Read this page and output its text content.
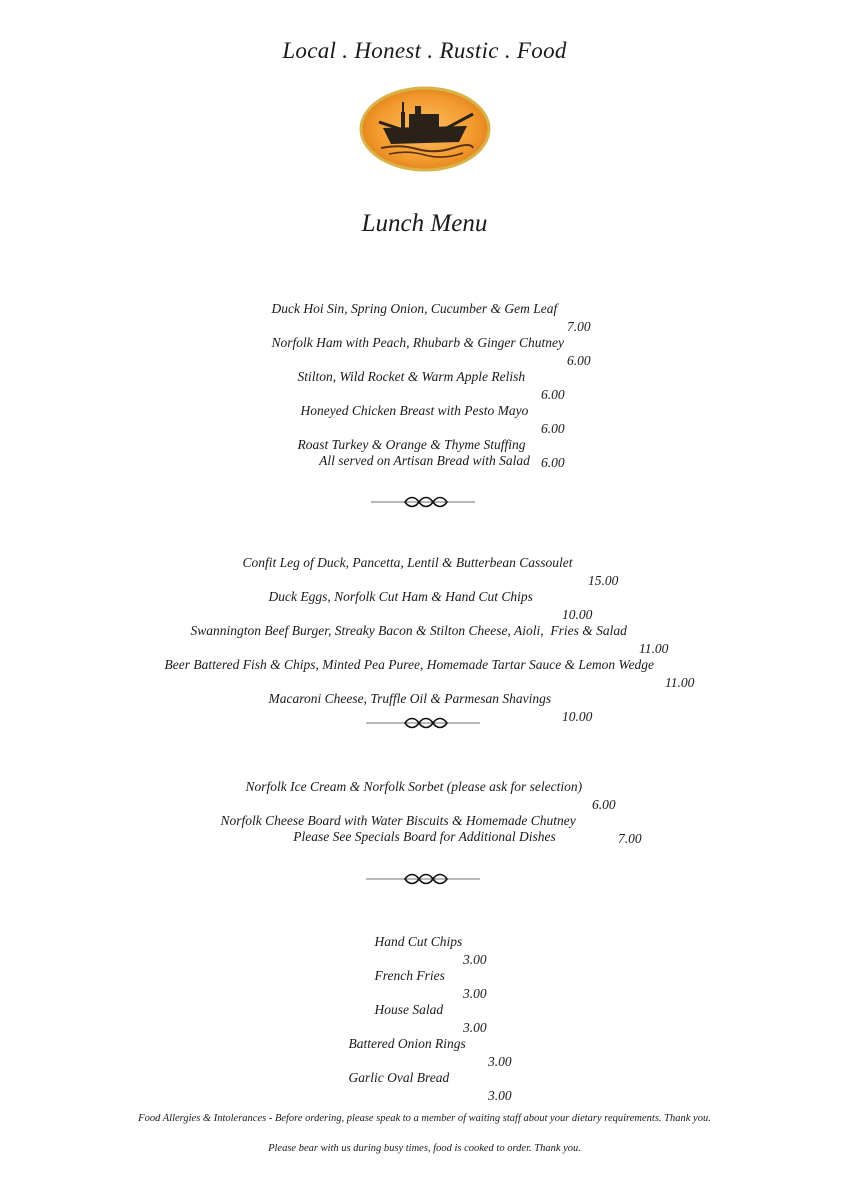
Local . Honest . Rustic . Food
Lunch Menu

Duck Hoi Sin, Spring Onion, Cucumber & Gem Leaf

7.00

Norfolk Ham with Peach, Rhubarb & Ginger Chutney

6.00

Stilton, Wild Rocket & Warm Apple Relish

6.00

Honeyed Chicken Breast with Pesto Mayo

6.00

Roast Turkey & Orange & Thyme Stuffing

6.00

All served on Artisan Bread with Salad

Confit Leg of Duck, Pancetta, Lentil & Butterbean Cassoulet

15.00

Duck Eggs, Norfolk Cut Ham & Hand Cut Chips

10.00

Swannington Beef Burger, Streaky Bacon & Stilton Cheese, Aioli,  Fries & Salad

11.00

Beer Battered Fish & Chips, Minted Pea Puree, Homemade Tartar Sauce & Lemon Wedge

11.00

Macaroni Cheese, Truffle Oil & Parmesan Shavings

10.00

Norfolk Ice Cream & Norfolk Sorbet (please ask for selection)

6.00

Norfolk Cheese Board with Water Biscuits & Homemade Chutney

7.00

Please See Specials Board for Additional Dishes

Hand Cut Chips

3.00

French Fries

3.00

House Salad

3.00

Battered Onion Rings

3.00

Garlic Oval Bread

3.00

Food Allergies & Intolerances - Before ordering, please speak to a member of waiting staff about your dietary requirements. Thank you.
Please bear with us during busy times, food is cooked to order. Thank you.
